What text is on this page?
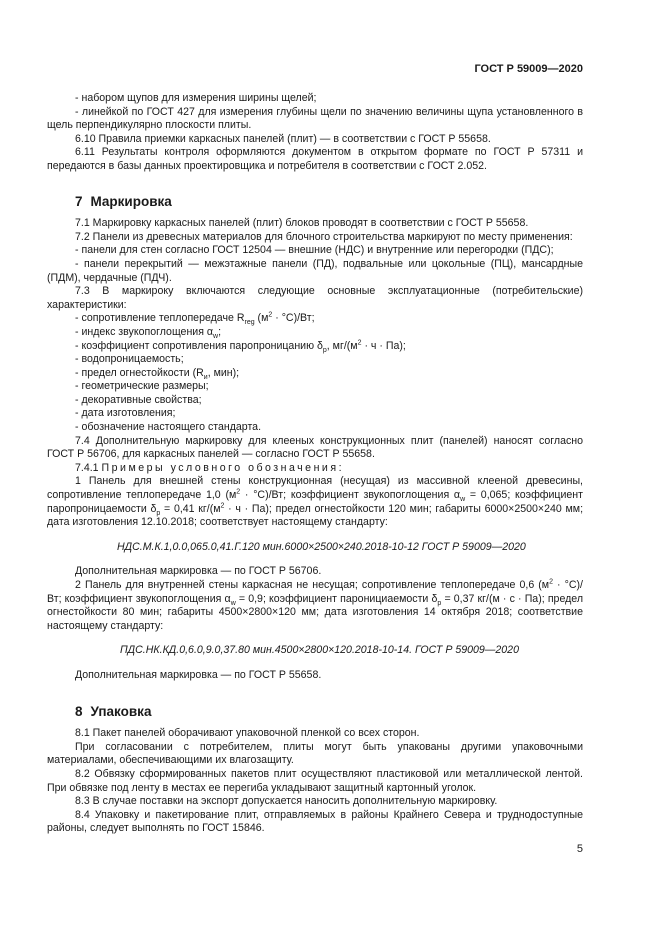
ГОСТ Р 59009—2020

- набором щупов для измерения ширины щелей;

- линейкой по ГОСТ 427 для измерения глубины щели по значению величины щупа установленного в щель перпендикулярно плоскости плиты.

6.10 Правила приемки каркасных панелей (плит) — в соответствии с ГОСТ Р 55658.

6.11 Результаты контроля оформляются документом в открытом формате по ГОСТ Р 57311 и передаются в базы данных проектировщика и потребителя в соответствии с ГОСТ 2.052.

7 Маркировка

7.1 Маркировку каркасных панелей (плит) блоков проводят в соответствии с ГОСТ Р 55658.

7.2 Панели из древесных материалов для блочного строительства маркируют по месту применения:

- панели для стен согласно ГОСТ 12504 — внешние (НДС) и внутренние или перегородки (ПДС);

- панели перекрытий — межэтажные панели (ПД), подвальные или цокольные (ПЦ), мансардные (ПДМ), чердачные (ПДЧ).

7.3 В маркироку включаются следующие основные эксплуатационные (потребительские) характеристики:

- сопротивление теплопередаче $R_{reg}$ $(м^2 \cdot ^\circ С)/Вт$;

- индекс звукопоглощения $\alpha_w$;

- коэффициент сопротивления паропроницанию $\delta_p$, $мг/(м^2 \cdot ч \cdot Па)$;

- водопроницаемость;

- предел огнестойкости ($R_и$, мин);

- геометрические размеры;

- декоративные свойства;

- дата изготовления;

- обозначение настоящего стандарта.

7.4 Дополнительную маркировку для клееных конструкционных плит (панелей) наносят согласно ГОСТ Р 56706, для каркасных панелей — согласно ГОСТ Р 55658.

7.4.1 Примеры условного обозначения:

1 Панель для внешней стены конструкционная (несущая) из массивной клееной древесины, сопротивление теплопередаче 1,0 $(м^2 \cdot ^\circ С)/Вт$; коэффициент звукопоглощения $\alpha_w = 0,065$; коэффициент паропроницаемости $\delta_р = 0,41$ $кг/(м^2 \cdot ч \cdot Па)$; предел огнестойкости 120 мин; габариты 6000×2500×240 мм; дата изготовления 12.10.2018; соответствует настоящему стандарту:

НДС.М.К.1,0.0,065.0,41.Г.120 мин.6000×2500×240.2018-10-12 ГОСТ Р 59009—2020

Дополнительная маркировка — по ГОСТ Р 56706.

2 Панель для внутренней стены каркасная не несущая; сопротивление теплопередаче 0,6 $(м^2 \cdot ^\circ С)/Вт$; коэффициент звукопоглощения $\alpha_w = 0,9$; коэффициент паронициаемости $\delta_р = 0,37$ кг/(м · с · Па); предел огнестойкости 80 мин; габариты 4500×2800×120 мм; дата изготовления 14 октября 2018; соответствие настоящему стандарту:

ПДС.НК.КД.0,6.0,9.0,37.80 мин.4500×2800×120.2018-10-14. ГОСТ Р 59009—2020

Дополнительная маркировка — по ГОСТ Р 55658.

8 Упаковка

8.1 Пакет панелей оборачивают упаковочной пленкой со всех сторон.

При согласовании с потребителем, плиты могут быть упакованы другими упаковочными материалами, обеспечивающими их влагозащиту.

8.2 Обвязку сформированных пакетов плит осуществляют пластиковой или металлической лентой. При обвязке под ленту в местах ее перегиба укладывают защитный картонный уголок.

8.3 В случае поставки на экспорт допускается наносить дополнительную маркировку.

8.4 Упаковку и пакетирование плит, отправляемых в районы Крайнего Севера и труднодоступные районы, следует выполнять по ГОСТ 15846.

5
